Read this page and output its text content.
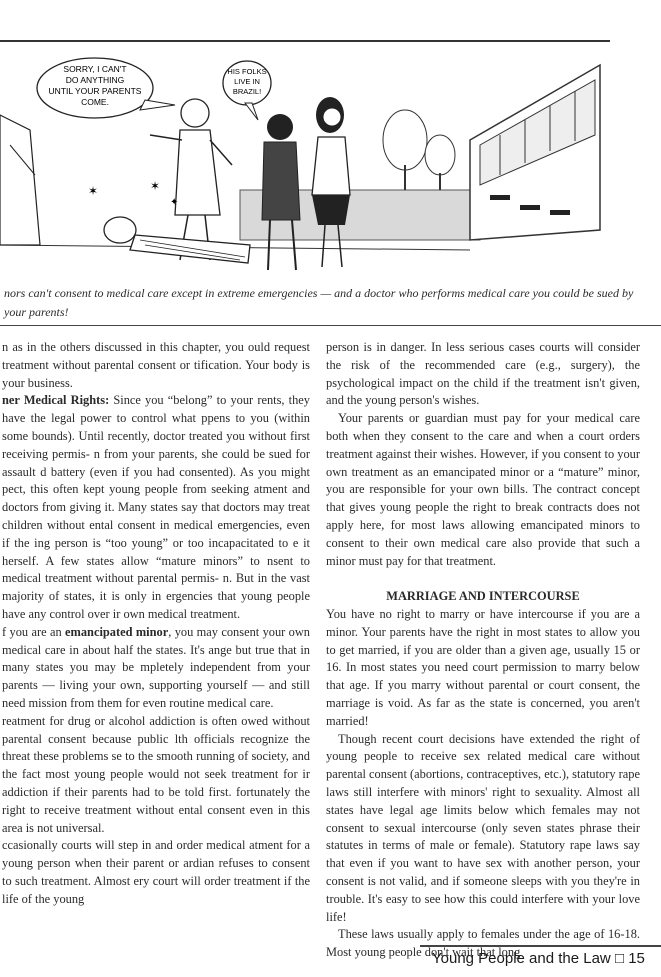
SORRY, I CAN'T
DO ANYTHING
UNTIL YOUR PARENTS
COME.
HIS FOLKS
LIVE IN
BRAZIL!
✶	✶
✦
nors can't consent to medical care except in extreme emergencies — and a doctor who performs medical care you could be sued by your parents!

n as in the others discussed in this chapter, you ould request treatment without parental consent or tification. Your body is your business.

ner Medical Rights: Since you “belong” to your rents, they have the legal power to control what ppens to you (within some bounds). Until recently, doctor treated you without first receiving permis- n from your parents, she could be sued for assault d battery (even if you had consented). As you might pect, this often kept young people from seeking atment and doctors from giving it. Many states say that doctors may treat children without ental consent in medical emergencies, even if the ing person is “too young” or too incapacitated to e it herself. A few states allow “mature minors” to nsent to medical treatment without parental permis- n. But in the vast majority of states, it is only in ergencies that young people have any control over ir own medical treatment.

f you are an emancipated minor, you may consent your own medical care in about half the states. It's ange but true that in many states you may be mpletely independent from your parents — living your own, supporting yourself — and still need mission from them for even routine medical care.

reatment for drug or alcohol addiction is often owed without parental consent because public lth officials recognize the threat these problems se to the smooth running of society, and the fact most young people would not seek treatment for ir addiction if their parents had to be told first. fortunately the right to receive treatment without ental consent even in this area is not universal.

ccasionally courts will step in and order medical atment for a young person when their parent or ardian refuses to consent to such treatment. Almost ery court will order treatment if the life of the young

person is in danger. In less serious cases courts will consider the risk of the recommended care (e.g., surgery), the psychological impact on the child if the treatment isn't given, and the young person's wishes.

Your parents or guardian must pay for your medical care both when they consent to the care and when a court orders treatment against their wishes. However, if you consent to your own treatment as an emancipated minor or a “mature” minor, you are responsible for your own bills. The contract concept that gives young people the right to break contracts does not apply here, for most laws allowing emancipated minors to consent to their own medical care also provide that such a minor must pay for that treatment.

MARRIAGE AND INTERCOURSE

You have no right to marry or have intercourse if you are a minor. Your parents have the right in most states to allow you to get married, if you are older than a given age, usually 15 or 16. In most states you need court permission to marry below that age. If you marry without parental or court consent, the marriage is void. As far as the state is concerned, you aren't married!

Though recent court decisions have extended the right of young people to receive sex related medical care without parental consent (abortions, contraceptives, etc.), statutory rape laws still interfere with minors' right to sexuality. Almost all states have legal age limits below which females may not consent to sexual intercourse (only seven states phrase their statutes in terms of male or female). Statutory rape laws say that even if you want to have sex with another person, your consent is not valid, and if someone sleeps with you they're in trouble. It's easy to see how this could interfere with your love life!

These laws usually apply to females under the age of 16-18. Most young people don't wait that long

Young People and the Law □ 15
